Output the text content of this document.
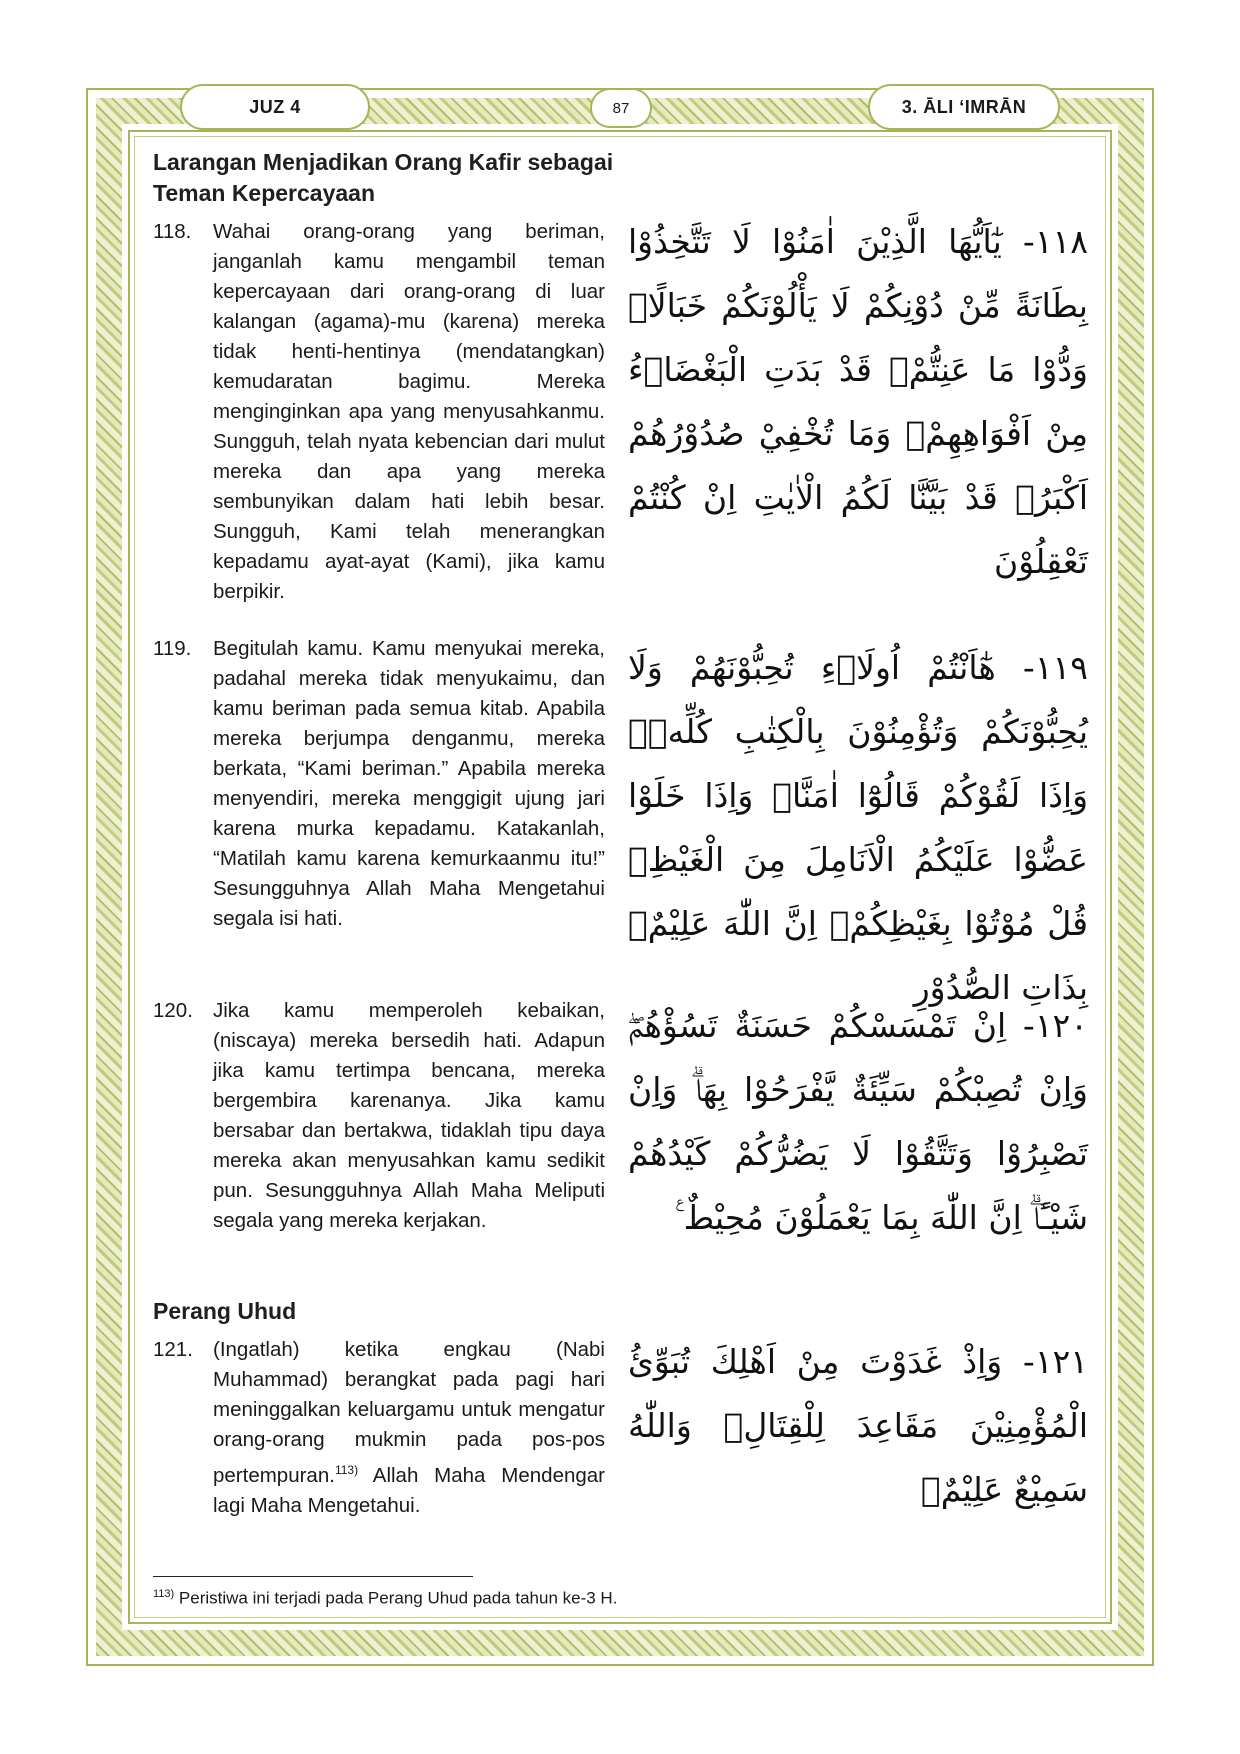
JUZ 4	87	3. ĀLI ‘IMRĀN
Larangan Menjadikan Orang Kafir sebagai
Teman Kepercayaan
118. Wahai orang-orang yang beriman, janganlah kamu mengambil teman kepercayaan dari orang-orang di luar kalangan (agama)-mu (karena) mereka tidak henti-hentinya (mendatangkan) kemudaratan bagimu. Mereka menginginkan apa yang menyusahkanmu. Sungguh, telah nyata kebencian dari mulut mereka dan apa yang mereka sembunyikan dalam hati lebih besar. Sungguh, Kami telah menerangkan kepadamu ayat-ayat (Kami), jika kamu berpikir.
١١٨- يٰٓاَيُّهَا الَّذِيْنَ اٰمَنُوْا لَا تَتَّخِذُوْا بِطَانَةً مِّنْ دُوْنِكُمْ لَا يَأْلُوْنَكُمْ خَبَالًاۗ وَدُّوْا مَا عَنِتُّمْۚ قَدْ بَدَتِ الْبَغْضَاۤءُ مِنْ اَفْوَاهِهِمْۖ وَمَا تُخْفِيْ صُدُوْرُهُمْ اَكْبَرُۗ قَدْ بَيَّنَّا لَكُمُ الْاٰيٰتِ اِنْ كُنْتُمْ تَعْقِلُوْنَ
119. Begitulah kamu. Kamu menyukai mereka, padahal mereka tidak menyukaimu, dan kamu beriman pada semua kitab. Apabila mereka berjumpa denganmu, mereka berkata, “Kami beriman.” Apabila mereka menyendiri, mereka menggigit ujung jari karena murka kepadamu. Katakanlah, “Matilah kamu karena kemurkaanmu itu!” Sesungguhnya Allah Maha Mengetahui segala isi hati.
١١٩- هٰٓاَنْتُمْ اُولَاۤءِ تُحِبُّوْنَهُمْ وَلَا يُحِبُّوْنَكُمْ وَتُؤْمِنُوْنَ بِالْكِتٰبِ كُلِّهٖۚ وَاِذَا لَقُوْكُمْ قَالُوْٓا اٰمَنَّاۖ وَاِذَا خَلَوْا عَضُّوْا عَلَيْكُمُ الْاَنَامِلَ مِنَ الْغَيْظِۗ قُلْ مُوْتُوْا بِغَيْظِكُمْۗ اِنَّ اللّٰهَ عَلِيْمٌۢ بِذَاتِ الصُّدُوْرِ
120. Jika kamu memperoleh kebaikan, (niscaya) mereka bersedih hati. Adapun jika kamu tertimpa bencana, mereka bergembira karenanya. Jika kamu bersabar dan bertakwa, tidaklah tipu daya mereka akan menyusahkan kamu sedikit pun. Sesungguhnya Allah Maha Meliputi segala yang mereka kerjakan.
١٢٠- اِنْ تَمْسَسْكُمْ حَسَنَةٌ تَسُؤْهُمْۖ وَاِنْ تُصِبْكُمْ سَيِّئَةٌ يَّفْرَحُوْا بِهَاۗ وَاِنْ تَصْبِرُوْا وَتَتَّقُوْا لَا يَضُرُّكُمْ كَيْدُهُمْ شَيْـًٔاۗ اِنَّ اللّٰهَ بِمَا يَعْمَلُوْنَ مُحِيْطٌ ࣖ
Perang Uhud
121. (Ingatlah) ketika engkau (Nabi Muhammad) berangkat pada pagi hari meninggalkan keluargamu untuk mengatur orang-orang mukmin pada pos-pos pertempuran.$^{113)}$ Allah Maha Mendengar lagi Maha Mengetahui.
١٢١- وَاِذْ غَدَوْتَ مِنْ اَهْلِكَ تُبَوِّئُ الْمُؤْمِنِيْنَ مَقَاعِدَ لِلْقِتَالِۗ وَاللّٰهُ سَمِيْعٌ عَلِيْمٌۙ
$^{113)}$ Peristiwa ini terjadi pada Perang Uhud pada tahun ke-3 H.
